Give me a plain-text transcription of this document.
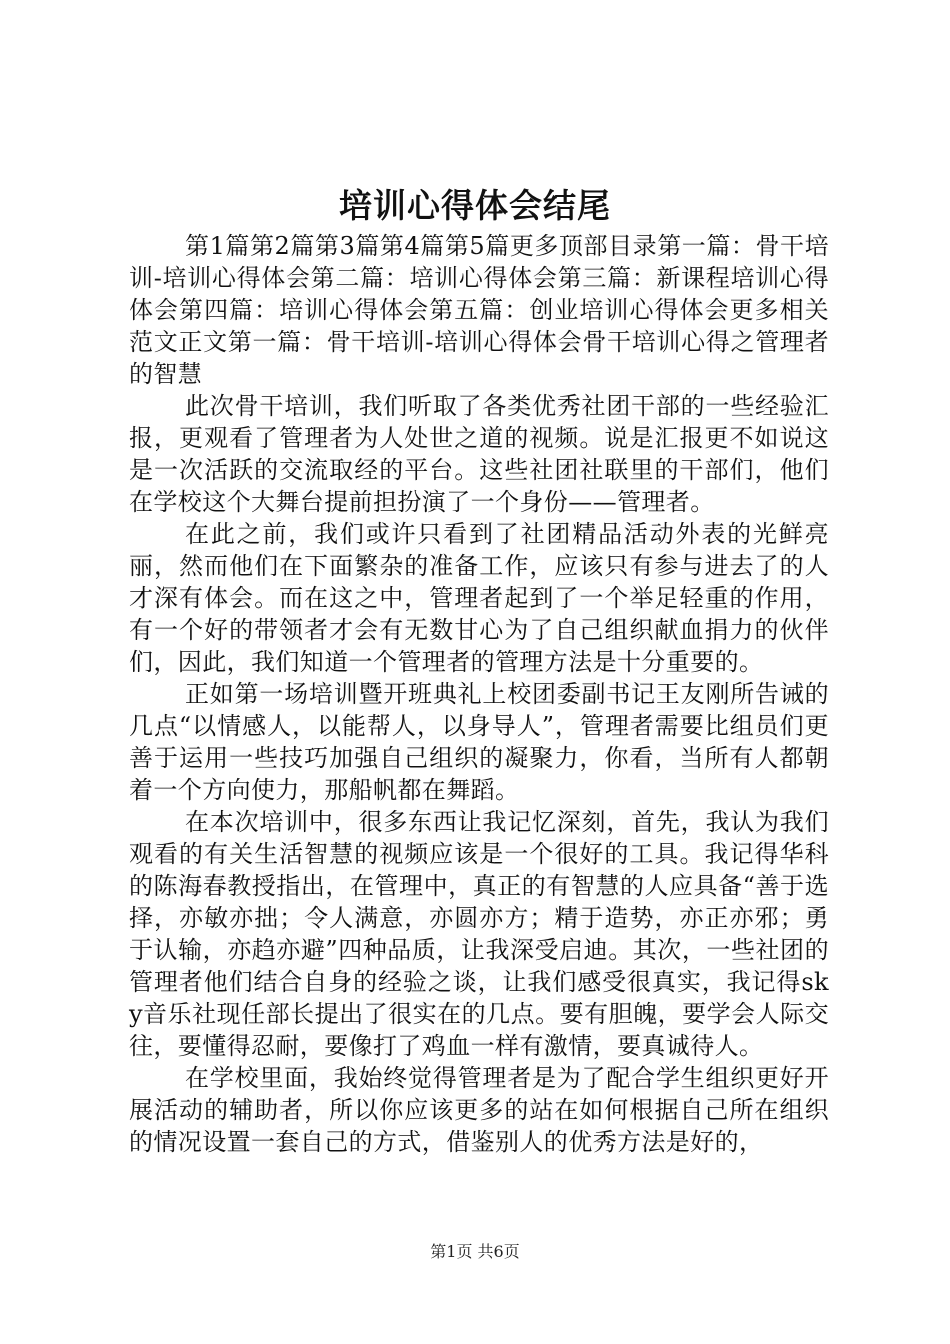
培训心得体会结尾

第1篇第2篇第3篇第4篇第5篇更多顶部目录第一篇：骨干培训-培训心得体会第二篇：培训心得体会第三篇：新课程培训心得体会第四篇：培训心得体会第五篇：创业培训心得体会更多相关范文正文第一篇：骨干培训-培训心得体会骨干培训心得之管理者的智慧

此次骨干培训，我们听取了各类优秀社团干部的一些经验汇报，更观看了管理者为人处世之道的视频。说是汇报更不如说这是一次活跃的交流取经的平台。这些社团社联里的干部们，他们在学校这个大舞台提前担扮演了一个身份——管理者。

在此之前，我们或许只看到了社团精品活动外表的光鲜亮丽，然而他们在下面繁杂的准备工作，应该只有参与进去了的人才深有体会。而在这之中，管理者起到了一个举足轻重的作用，有一个好的带领者才会有无数甘心为了自己组织献血捐力的伙伴们，因此，我们知道一个管理者的管理方法是十分重要的。

正如第一场培训暨开班典礼上校团委副书记王友刚所告诫的几点“以情感人，以能帮人，以身导人”，管理者需要比组员们更善于运用一些技巧加强自己组织的凝聚力，你看，当所有人都朝着一个方向使力，那船帆都在舞蹈。

在本次培训中，很多东西让我记忆深刻，首先，我认为我们观看的有关生活智慧的视频应该是一个很好的工具。我记得华科的陈海春教授指出，在管理中，真正的有智慧的人应具备“善于选择，亦敏亦拙；令人满意，亦圆亦方；精于造势，亦正亦邪；勇于认输，亦趋亦避”四种品质，让我深受启迪。其次，一些社团的管理者他们结合自身的经验之谈，让我们感受很真实，我记得sky音乐社现任部长提出了很实在的几点。要有胆魄，要学会人际交往，要懂得忍耐，要像打了鸡血一样有激情，要真诚待人。

在学校里面，我始终觉得管理者是为了配合学生组织更好开展活动的辅助者，所以你应该更多的站在如何根据自己所在组织的情况设置一套自己的方式，借鉴别人的优秀方法是好的，

第1页 共6页
